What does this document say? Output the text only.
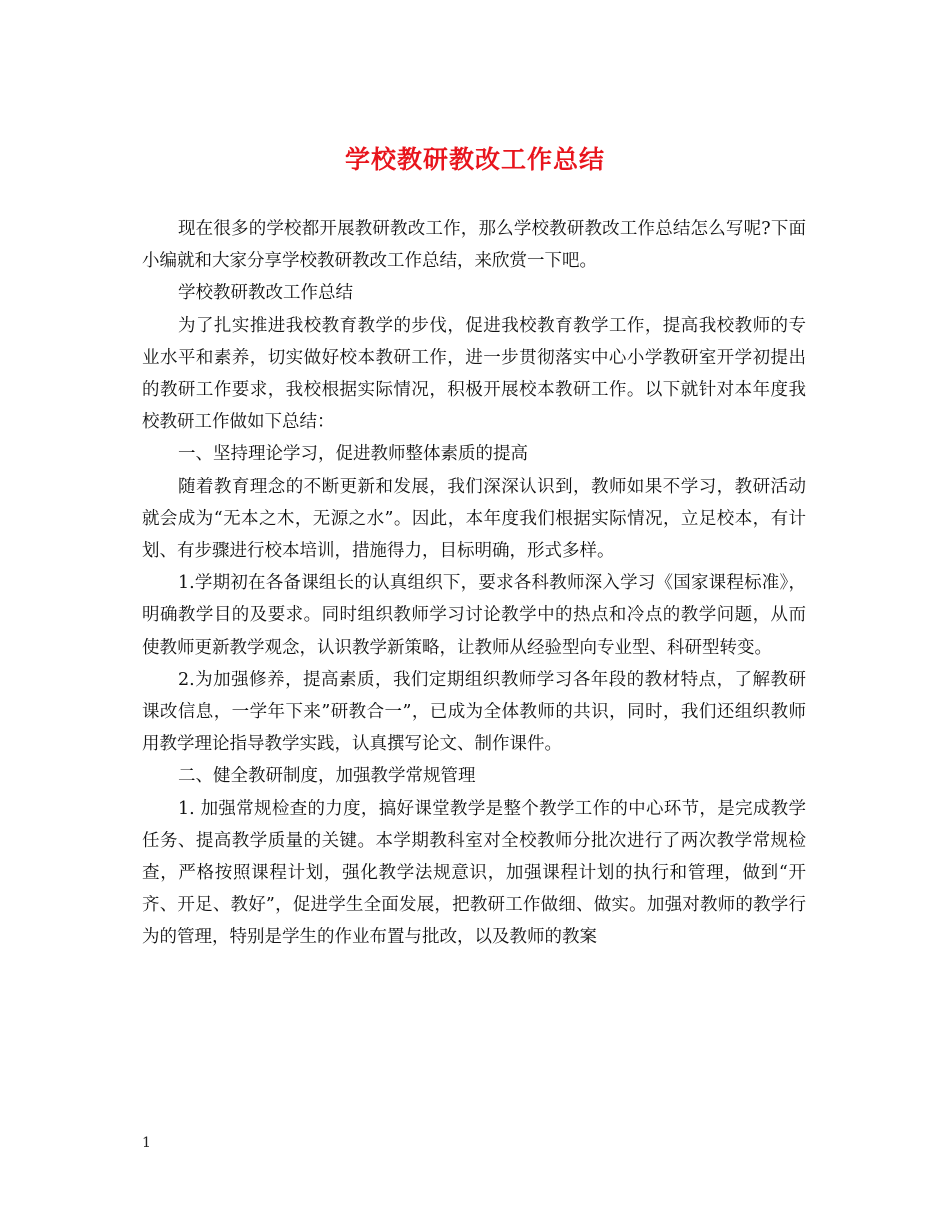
学校教研教改工作总结

现在很多的学校都开展教研教改工作，那么学校教研教改工作总结怎么写呢?下面小编就和大家分享学校教研教改工作总结，来欣赏一下吧。

学校教研教改工作总结

为了扎实推进我校教育教学的步伐，促进我校教育教学工作，提高我校教师的专业水平和素养，切实做好校本教研工作，进一步贯彻落实中心小学教研室开学初提出的教研工作要求，我校根据实际情况，积极开展校本教研工作。以下就针对本年度我校教研工作做如下总结：

一、坚持理论学习，促进教师整体素质的提高

随着教育理念的不断更新和发展，我们深深认识到，教师如果不学习，教研活动就会成为“无本之木，无源之水”。因此，本年度我们根据实际情况，立足校本，有计划、有步骤进行校本培训，措施得力，目标明确，形式多样。

1.学期初在各备课组长的认真组织下，要求各科教师深入学习《国家课程标准》，明确教学目的及要求。同时组织教师学习讨论教学中的热点和冷点的教学问题，从而使教师更新教学观念，认识教学新策略，让教师从经验型向专业型、科研型转变。

2.为加强修养，提高素质，我们定期组织教师学习各年段的教材特点，了解教研课改信息，一学年下来”研教合一”，已成为全体教师的共识，同时，我们还组织教师用教学理论指导教学实践，认真撰写论文、制作课件。

二、健全教研制度，加强教学常规管理

1. 加强常规检查的力度，搞好课堂教学是整个教学工作的中心环节，是完成教学任务、提高教学质量的关键。本学期教科室对全校教师分批次进行了两次教学常规检查，严格按照课程计划，强化教学法规意识，加强课程计划的执行和管理，做到“开齐、开足、教好”，促进学生全面发展，把教研工作做细、做实。加强对教师的教学行为的管理，特别是学生的作业布置与批改，以及教师的教案

1
